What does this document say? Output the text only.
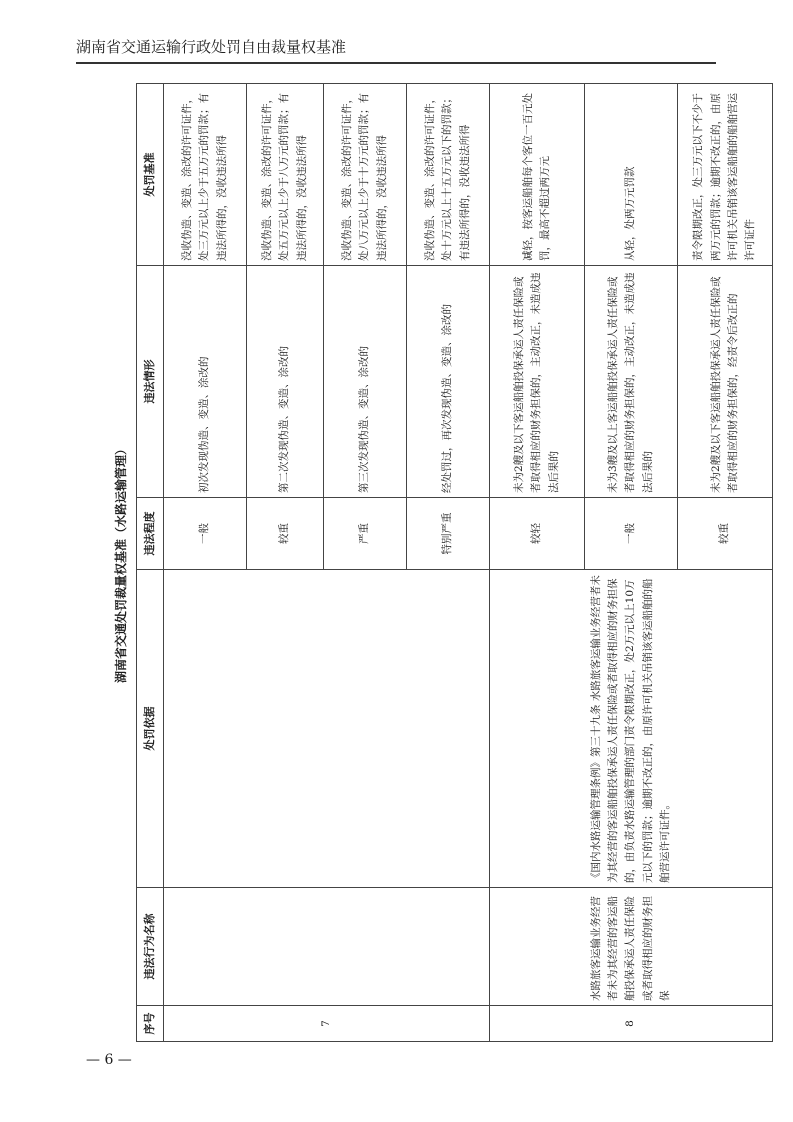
湖南省交通运输行政处罚自由裁量权基准
湖南省交通处罚裁量权基准（水路运输管理）
序号	违法行为名称	处罚依据	违法程度	违法情形	处罚基准
7			一般	初次发现伪造、变造、涂改的	没收伪造、变造、涂改的许可证件，处三万元以上少于五万元的罚款；有违法所得的，没收违法所得
			较重	第二次发现伪造、变造、涂改的	没收伪造、变造、涂改的许可证件，处五万元以上少于八万元的罚款；有违法所得的，没收违法所得
			严重	第三次发现伪造、变造、涂改的	没收伪造、变造、涂改的许可证件，处八万元以上少于十万元的罚款；有违法所得的，没收违法所得
			特别严重	经处罚过，再次发现伪造、变造、涂改的	没收伪造、变造、涂改的许可证件，处十万元以上十五万元以下的罚款；有违法所得的，没收违法所得
8	水路旅客运输业务经营者未为其经营的客运船舶投保承运人责任保险或者取得相应的财务担保	《国内水路运输管理条例》第三十九条 水路旅客运输业务经营者未为其经营的客运船舶投保承运人责任保险或者取得相应的财务担保的，由负责水路运输管理的部门责令限期改正，处2万元以上10万元以下的罚款；逾期不改正的，由原许可机关吊销该客运船舶的船舶营运许可证件。	较轻	未为2艘及以下客运船舶投保承运人责任保险或者取得相应的财务担保的，主动改正，未造成违法后果的	减轻，按客运船舶每个客位一百元处罚，最高不超过两万元
			一般	未为3艘及以上客运船舶投保承运人责任保险或者取得相应的财务担保的，主动改正，未造成违法后果的	从轻，处两万元罚款
			较重	未为2艘及以下客运船舶投保承运人责任保险或者取得相应的财务担保的，经责令后改正的	责令限期改正，处三万元以下不少于两万元的罚款；逾期不改正的，由原许可机关吊销该客运船舶的船舶营运许可证件
— 6 —
